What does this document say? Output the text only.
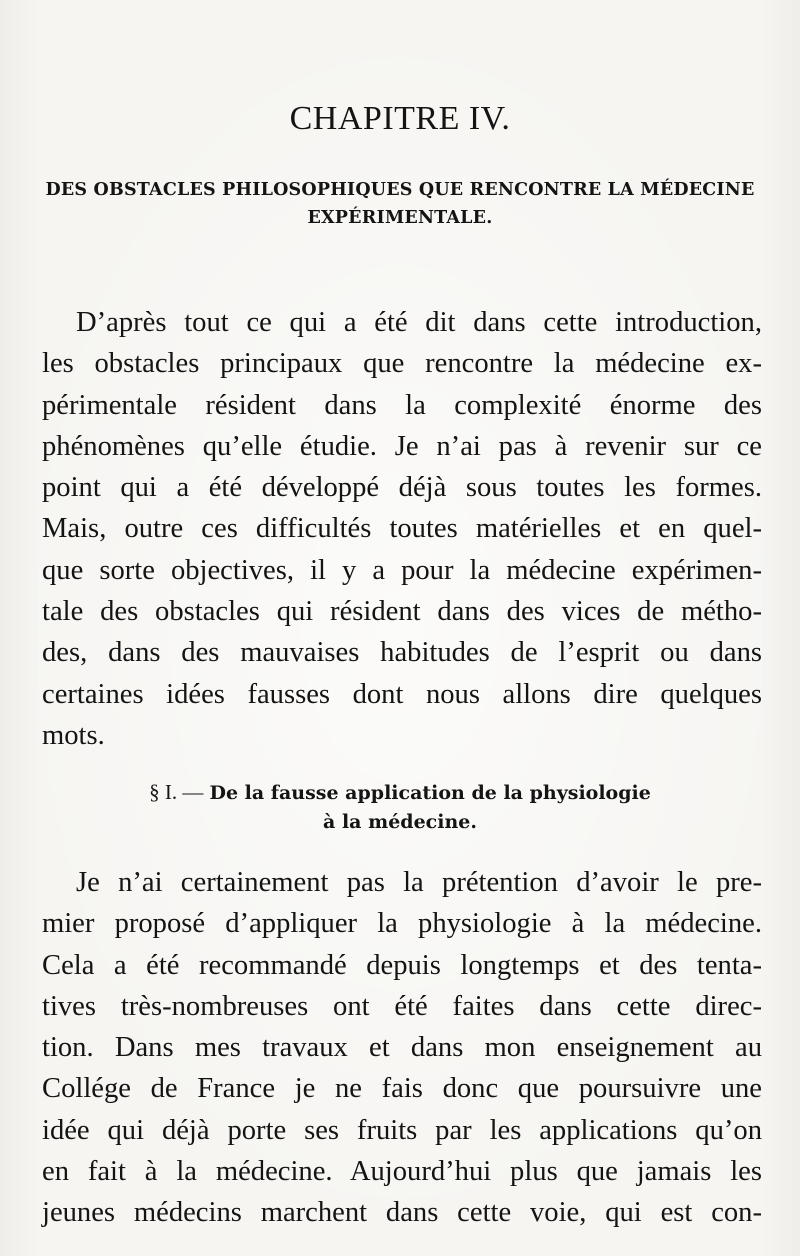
CHAPITRE IV.
DES OBSTACLES PHILOSOPHIQUES QUE RENCONTRE LA MÉDECINE
EXPÉRIMENTALE.
D’après tout ce qui a été dit dans cette introduction,
les obstacles principaux que rencontre la médecine ex-
périmentale résident dans la complexité énorme des
phénomènes qu’elle étudie. Je n’ai pas à revenir sur ce
point qui a été développé déjà sous toutes les formes.
Mais, outre ces difficultés toutes matérielles et en quel-
que sorte objectives, il y a pour la médecine expérimen-
tale des obstacles qui résident dans des vices de métho-
des, dans des mauvaises habitudes de l’esprit ou dans
certaines idées fausses dont nous allons dire quelques
mots.
§ I. — De la fausse application de la physiologie
à la médecine.
Je n’ai certainement pas la prétention d’avoir le pre-
mier proposé d’appliquer la physiologie à la médecine.
Cela a été recommandé depuis longtemps et des tenta-
tives très-nombreuses ont été faites dans cette direc-
tion. Dans mes travaux et dans mon enseignement au
Collége de France je ne fais donc que poursuivre une
idée qui déjà porte ses fruits par les applications qu’on
en fait à la médecine. Aujourd’hui plus que jamais les
jeunes médecins marchent dans cette voie, qui est con-
